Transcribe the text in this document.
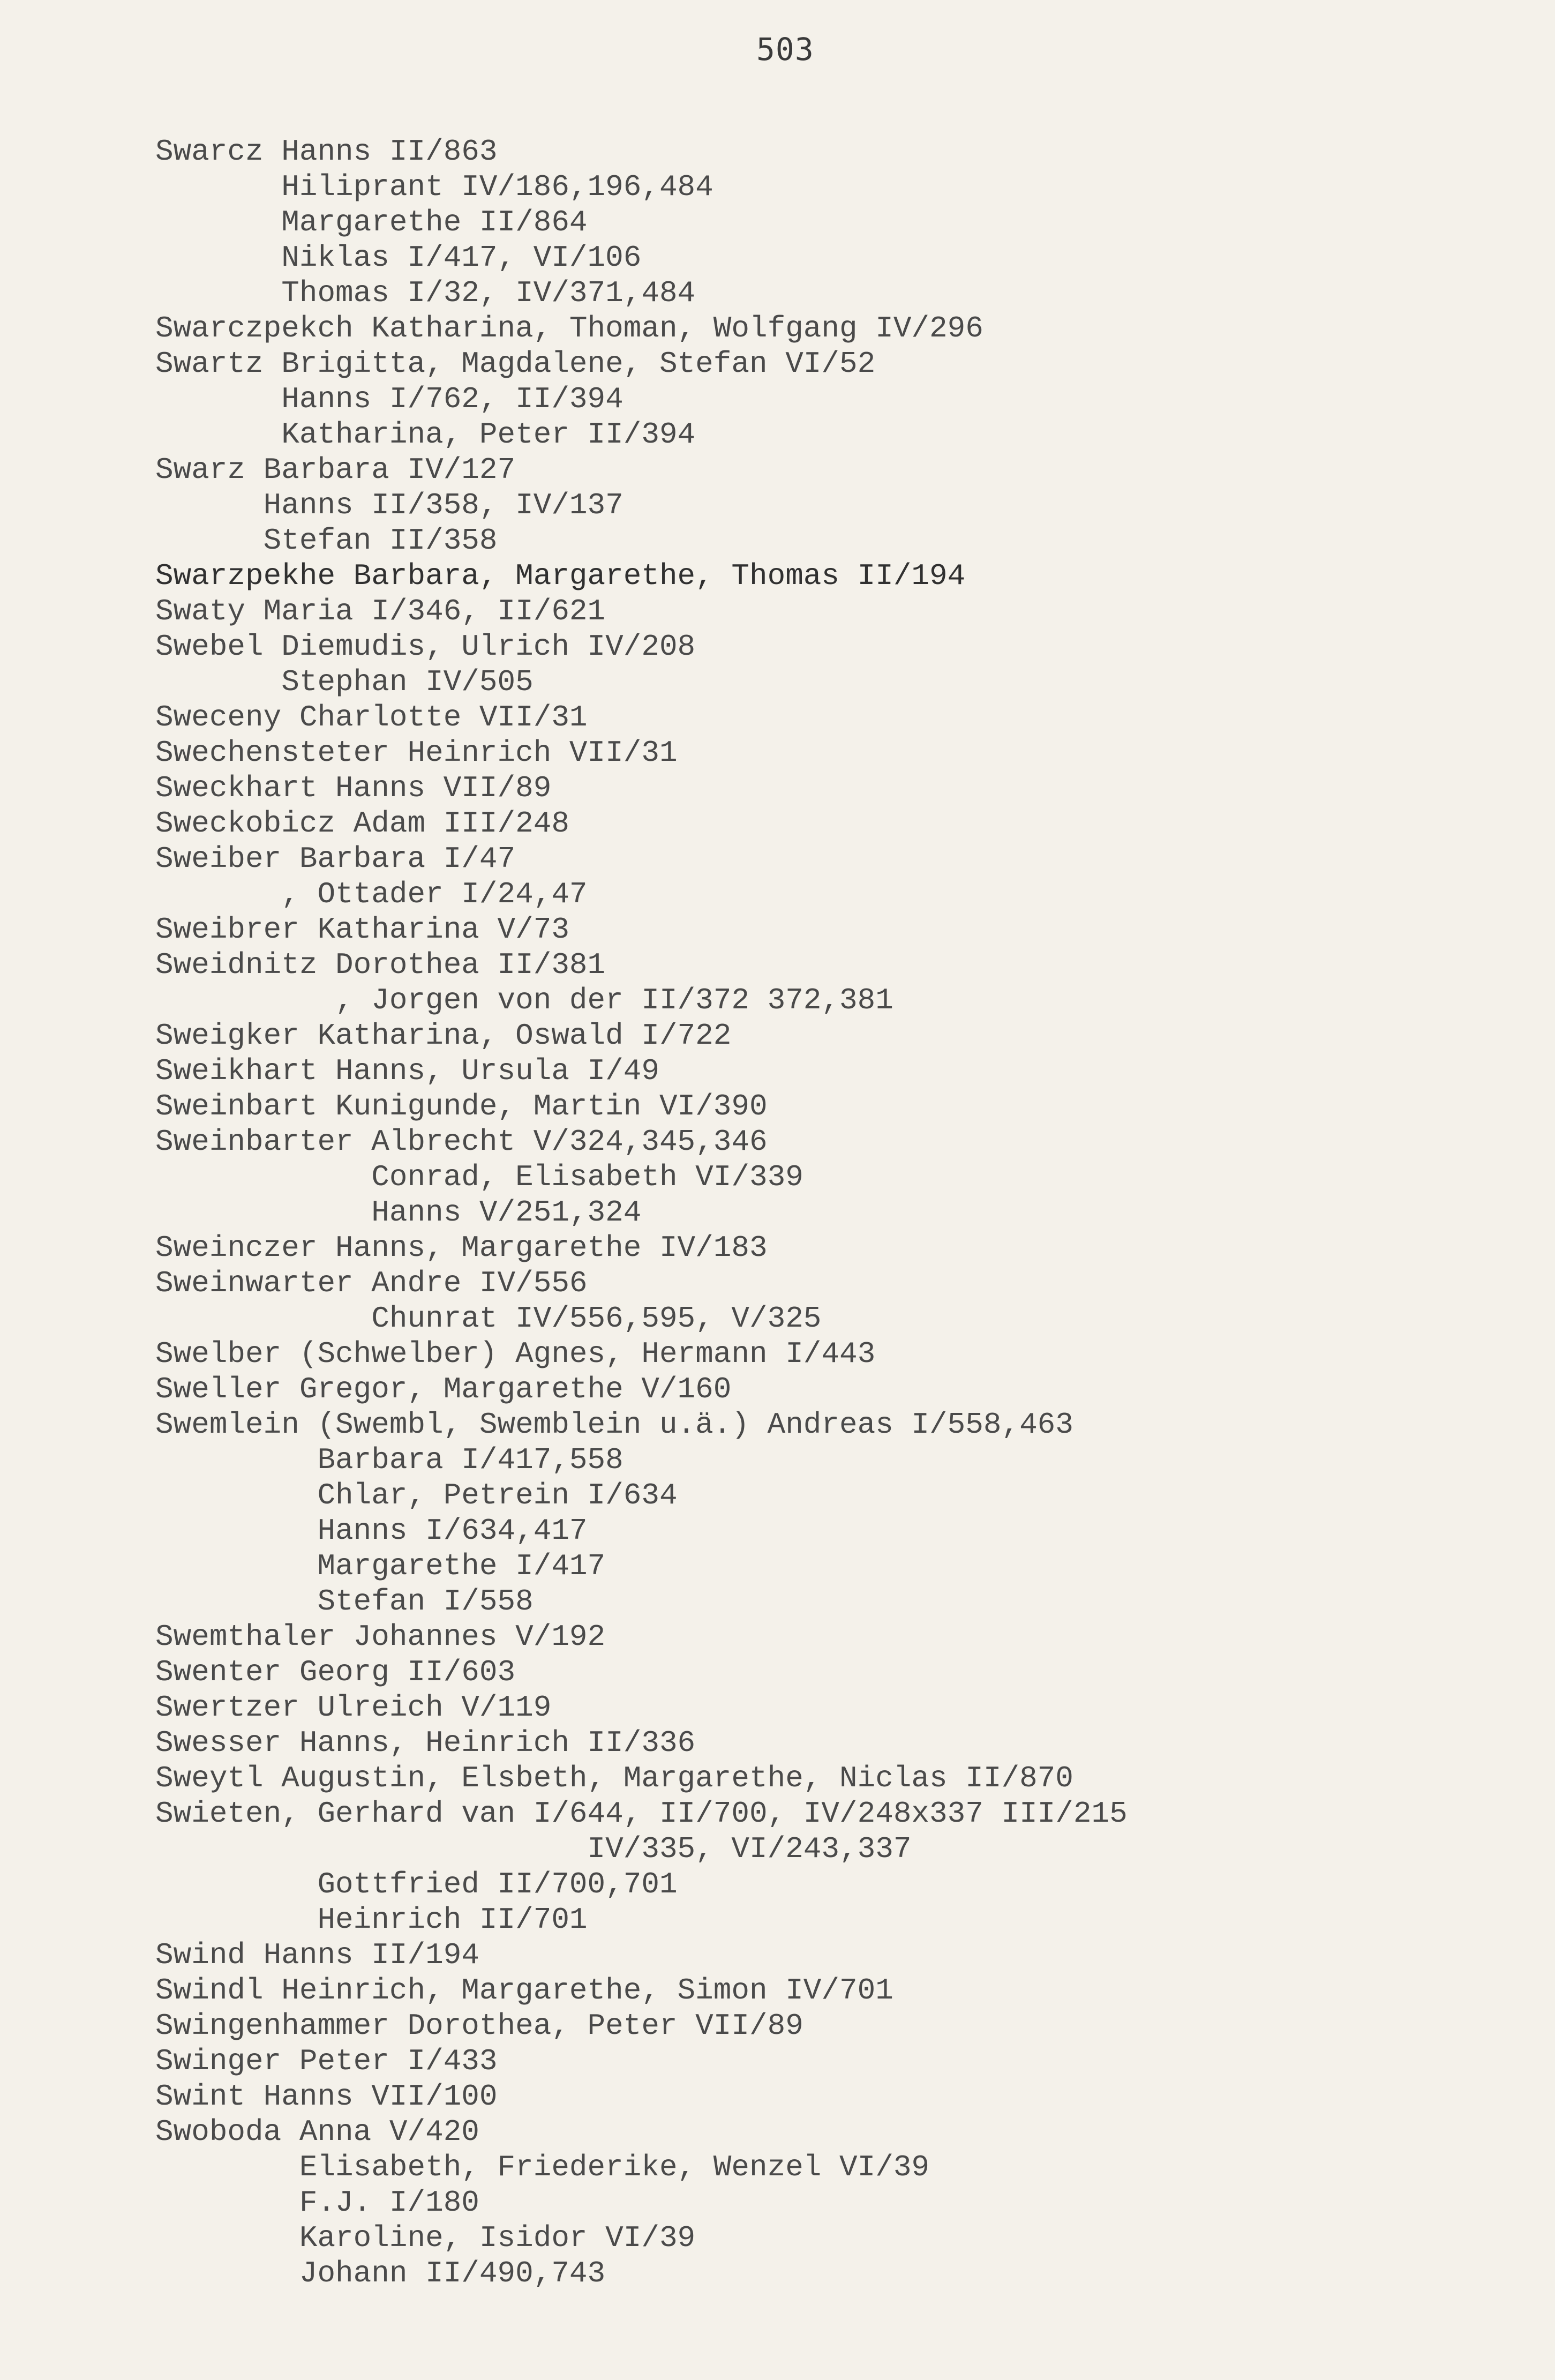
503
Swarcz Hanns II/863
Hiliprant IV/186,196,484
Margarethe II/864
Niklas I/417, VI/106
Thomas I/32, IV/371,484
Swarczpekch Katharina, Thoman, Wolfgang IV/296
Swartz Brigitta, Magdalene, Stefan VI/52
Hanns I/762, II/394
Katharina, Peter II/394
Swarz Barbara IV/127
Hanns II/358, IV/137
Stefan II/358
Swarzpekhe Barbara, Margarethe, Thomas II/194
Swaty Maria I/346, II/621
Swebel Diemudis, Ulrich IV/208
Stephan IV/505
Sweceny Charlotte VII/31
Swechensteter Heinrich VII/31
Sweckhart Hanns VII/89
Sweckobicz Adam III/248
Sweiber Barbara I/47
, Ottader I/24,47
Sweibrer Katharina V/73
Sweidnitz Dorothea II/381
, Jorgen von der II/372 372,381
Sweigker Katharina, Oswald I/722
Sweikhart Hanns, Ursula I/49
Sweinbart Kunigunde, Martin VI/390
Sweinbarter Albrecht V/324,345,346
Conrad, Elisabeth VI/339
Hanns V/251,324
Sweinczer Hanns, Margarethe IV/183
Sweinwarter Andre IV/556
Chunrat IV/556,595, V/325
Swelber (Schwelber) Agnes, Hermann I/443
Sweller Gregor, Margarethe V/160
Swemlein (Swembl, Swemblein u.ä.) Andreas I/558,463
Barbara I/417,558
Chlar, Petrein I/634
Hanns I/634,417
Margarethe I/417
Stefan I/558
Swemthaler Johannes V/192
Swenter Georg II/603
Swertzer Ulreich V/119
Swesser Hanns, Heinrich II/336
Sweytl Augustin, Elsbeth, Margarethe, Niclas II/870
Swieten, Gerhard van I/644, II/700, IV/248x337 III/215
IV/335, VI/243,337
Gottfried II/700,701
Heinrich II/701
Swind Hanns II/194
Swindl Heinrich, Margarethe, Simon IV/701
Swingenhammer Dorothea, Peter VII/89
Swinger Peter I/433
Swint Hanns VII/100
Swoboda Anna V/420
Elisabeth, Friederike, Wenzel VI/39
F.J. I/180
Karoline, Isidor VI/39
Johann II/490,743
